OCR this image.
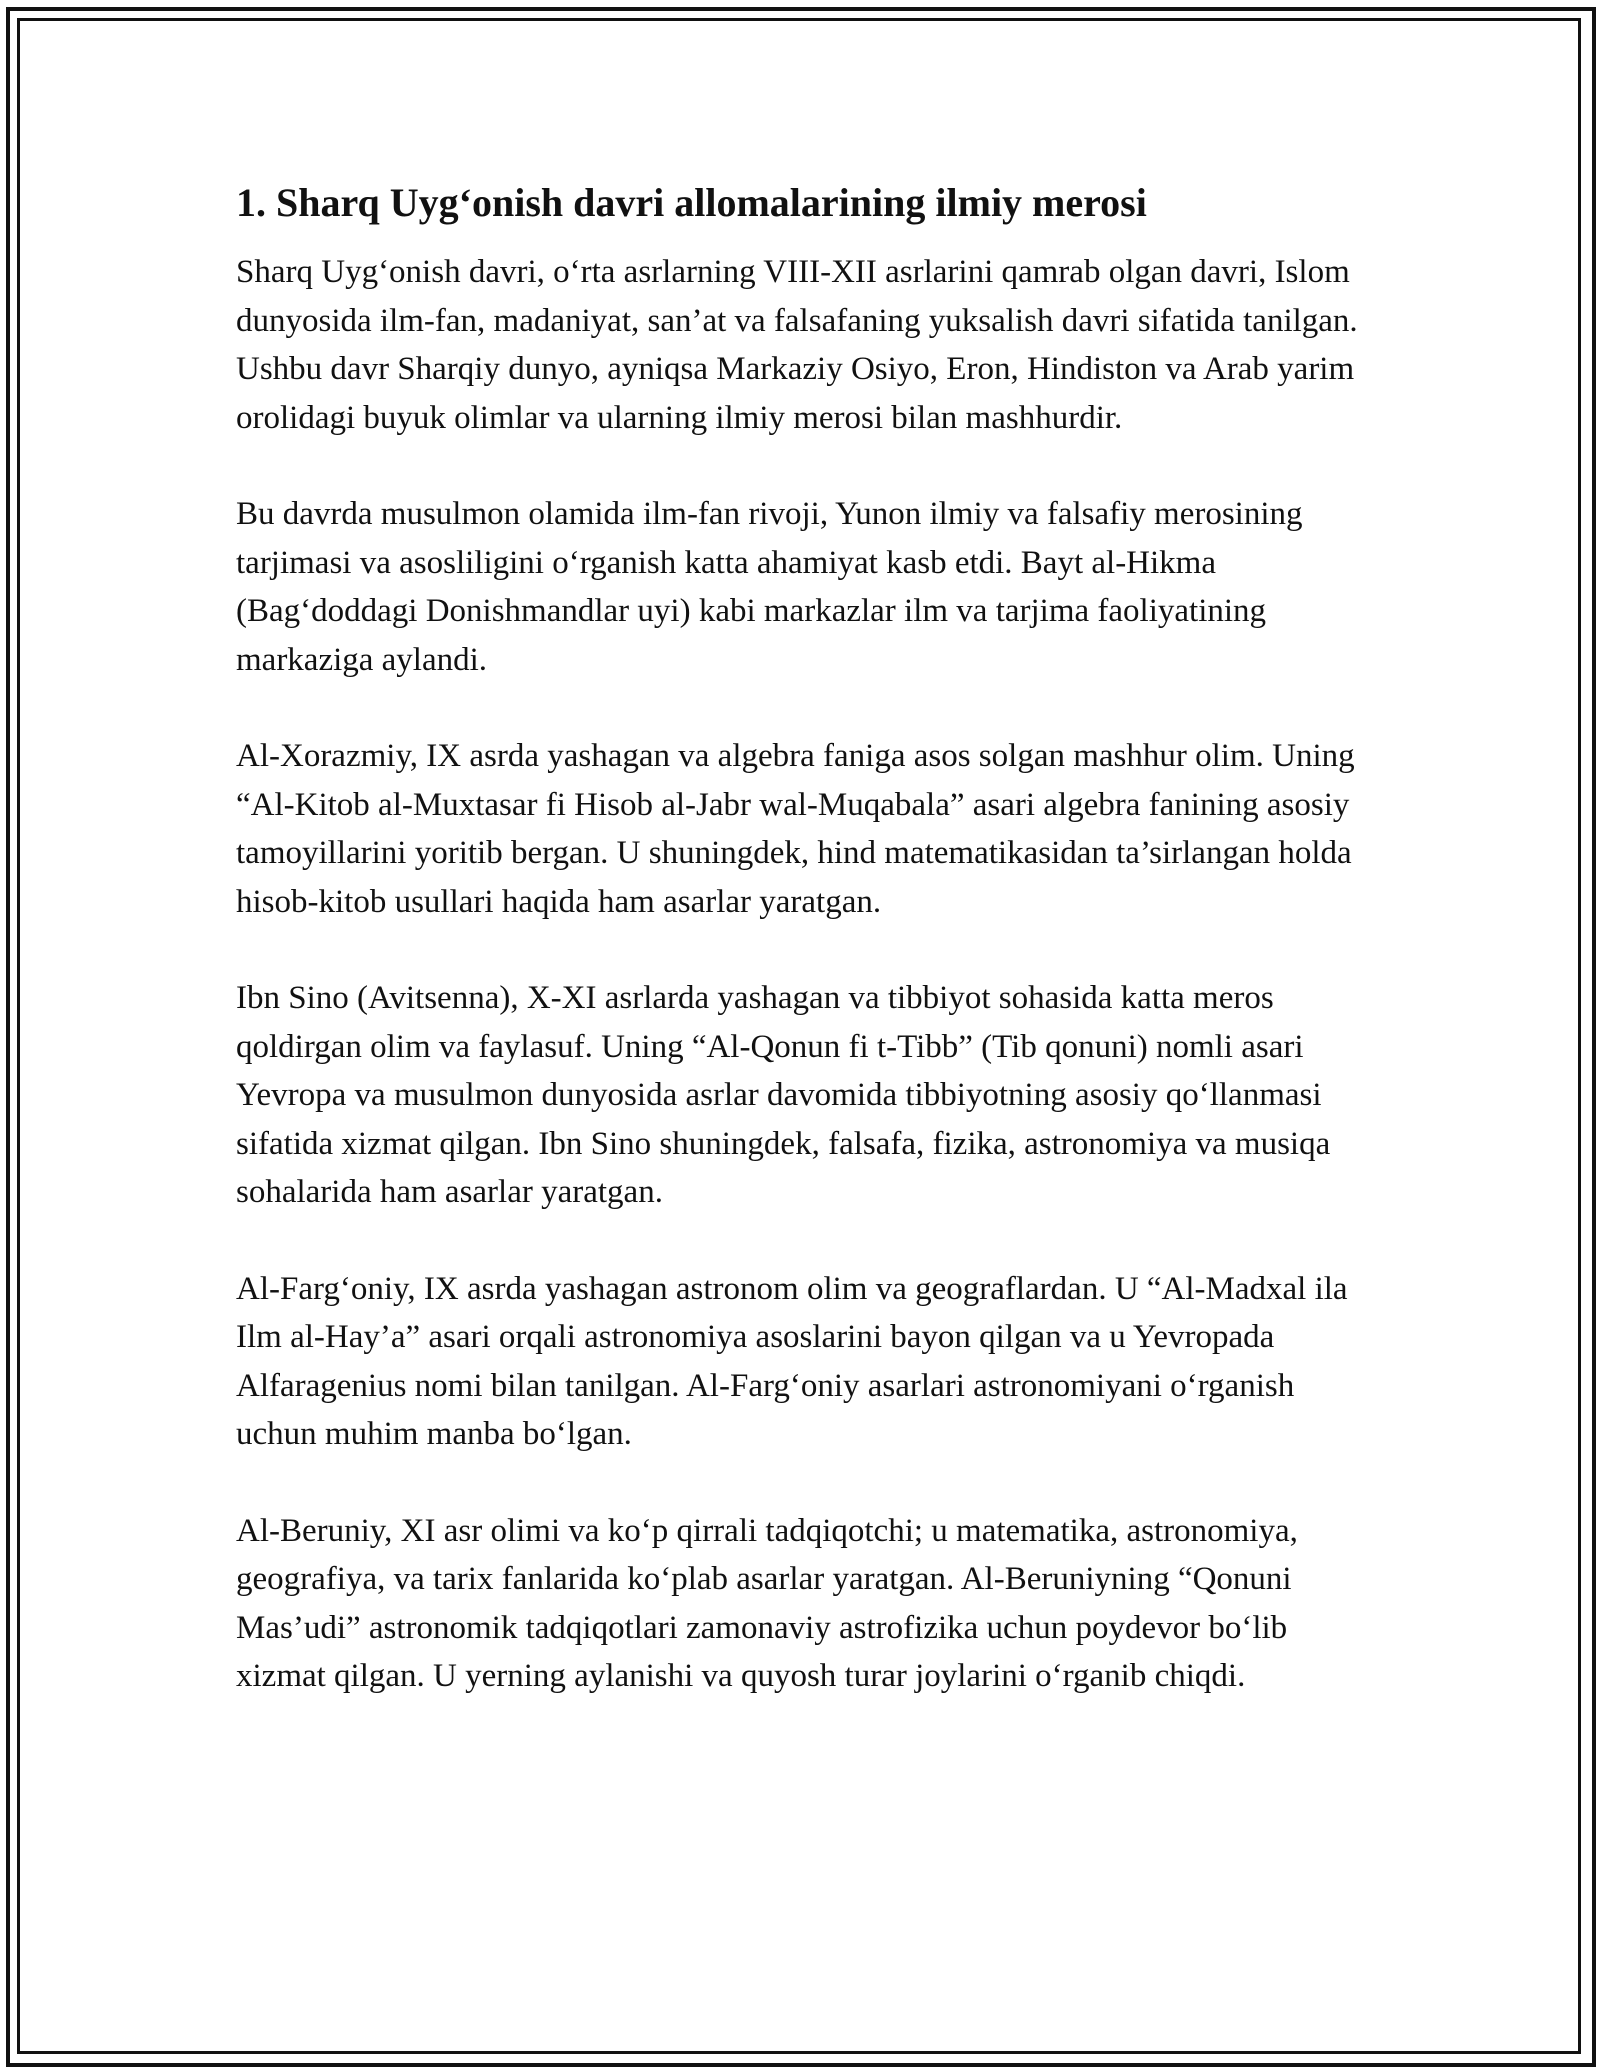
1. Sharq Uyg‘onish davri allomalarining ilmiy merosi

Sharq Uyg‘onish davri, o‘rta asrlarning VIII-XII asrlarini qamrab olgan davri, Islom dunyosida ilm-fan, madaniyat, san’at va falsafaning yuksalish davri sifatida tanilgan. Ushbu davr Sharqiy dunyo, ayniqsa Markaziy Osiyo, Eron, Hindiston va Arab yarim orolidagi buyuk olimlar va ularning ilmiy merosi bilan mashhurdir.

Bu davrda musulmon olamida ilm-fan rivoji, Yunon ilmiy va falsafiy merosining tarjimasi va asosliligini o‘rganish katta ahamiyat kasb etdi. Bayt al-Hikma (Bag‘doddagi Donishmandlar uyi) kabi markazlar ilm va tarjima faoliyatining markaziga aylandi.

Al-Xorazmiy, IX asrda yashagan va algebra faniga asos solgan mashhur olim. Uning “Al-Kitob al-Muxtasar fi Hisob al-Jabr wal-Muqabala” asari algebra fanining asosiy tamoyillarini yoritib bergan. U shuningdek, hind matematikasidan ta’sirlangan holda hisob-kitob usullari haqida ham asarlar yaratgan.

Ibn Sino (Avitsenna), X-XI asrlarda yashagan va tibbiyot sohasida katta meros qoldirgan olim va faylasuf. Uning “Al-Qonun fi t-Tibb” (Tib qonuni) nomli asari Yevropa va musulmon dunyosida asrlar davomida tibbiyotning asosiy qo‘llanmasi sifatida xizmat qilgan. Ibn Sino shuningdek, falsafa, fizika, astronomiya va musiqa sohalarida ham asarlar yaratgan.

Al-Farg‘oniy, IX asrda yashagan astronom olim va geograflardan. U “Al-Madxal ila Ilm al-Hay’a” asari orqali astronomiya asoslarini bayon qilgan va u Yevropada Alfaragenius nomi bilan tanilgan. Al-Farg‘oniy asarlari astronomiyani o‘rganish uchun muhim manba bo‘lgan.

Al-Beruniy, XI asr olimi va ko‘p qirrali tadqiqotchi; u matematika, astronomiya, geografiya, va tarix fanlarida ko‘plab asarlar yaratgan. Al-Beruniyning “Qonuni Mas’udi” astronomik tadqiqotlari zamonaviy astrofizika uchun poydevor bo‘lib xizmat qilgan. U yerning aylanishi va quyosh turar joylarini o‘rganib chiqdi.
